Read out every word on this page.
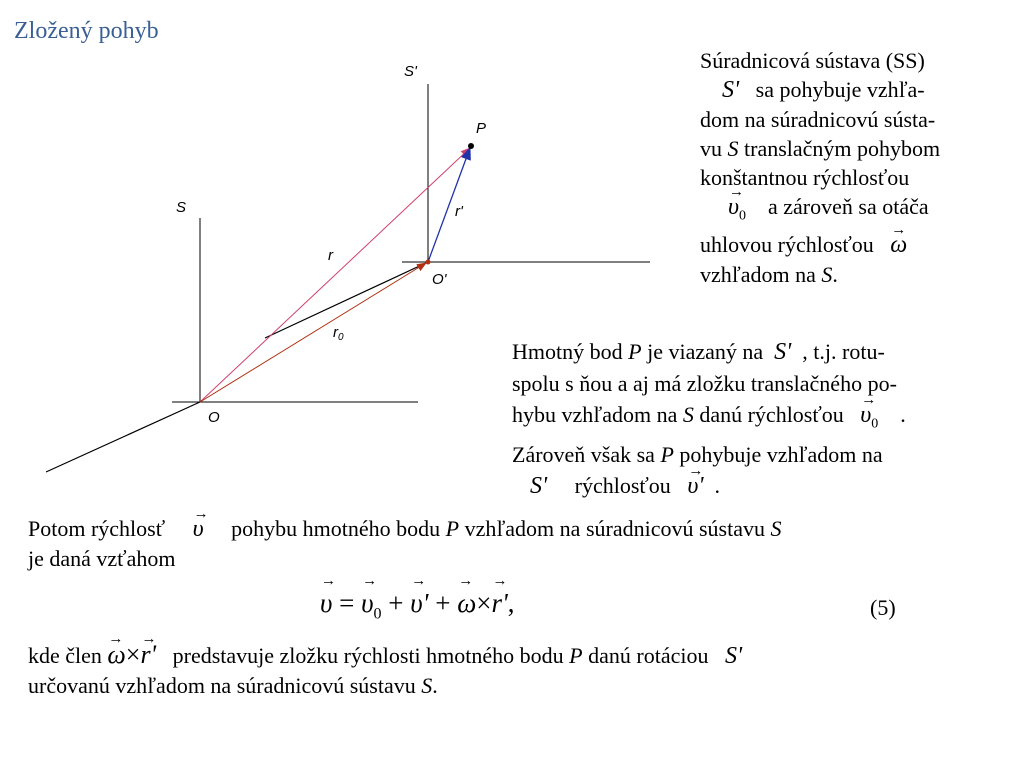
Zložený pohyb
S'
P
r'
S
r
O'
$r_0$
O
Súradnicová sústava (SS)
S' sa pohybuje vzhľa-
dom na súradnicovú sústa-
vu S translačným pohybom
konštantnou rýchlosťou
→ $\upsilon_0$ a zároveň sa otáča
uhlovou rýchlosťou → ω
vzhľadom na S.
Hmotný bod P je viazaný na S' , t.j. rotu-
spolu s ňou a aj má zložku translačného po-
hybu vzhľadom na S danú rýchlosťou → $\upsilon_0$ .
Zároveň však sa P pohybuje vzhľadom na
S' rýchlosťou → υ' .
Potom rýchlosť → υ pohybu hmotného bodu P vzhľadom na súradnicovú sústavu S
je daná vzťahom
→ υ = → $\upsilon_0$ + → υ' + → ω×→ r',	(5)
kde člen → ω×→ r' predstavuje zložku rýchlosti hmotného bodu P danú rotáciou S'
určovanú vzhľadom na súradnicovú sústavu S.
